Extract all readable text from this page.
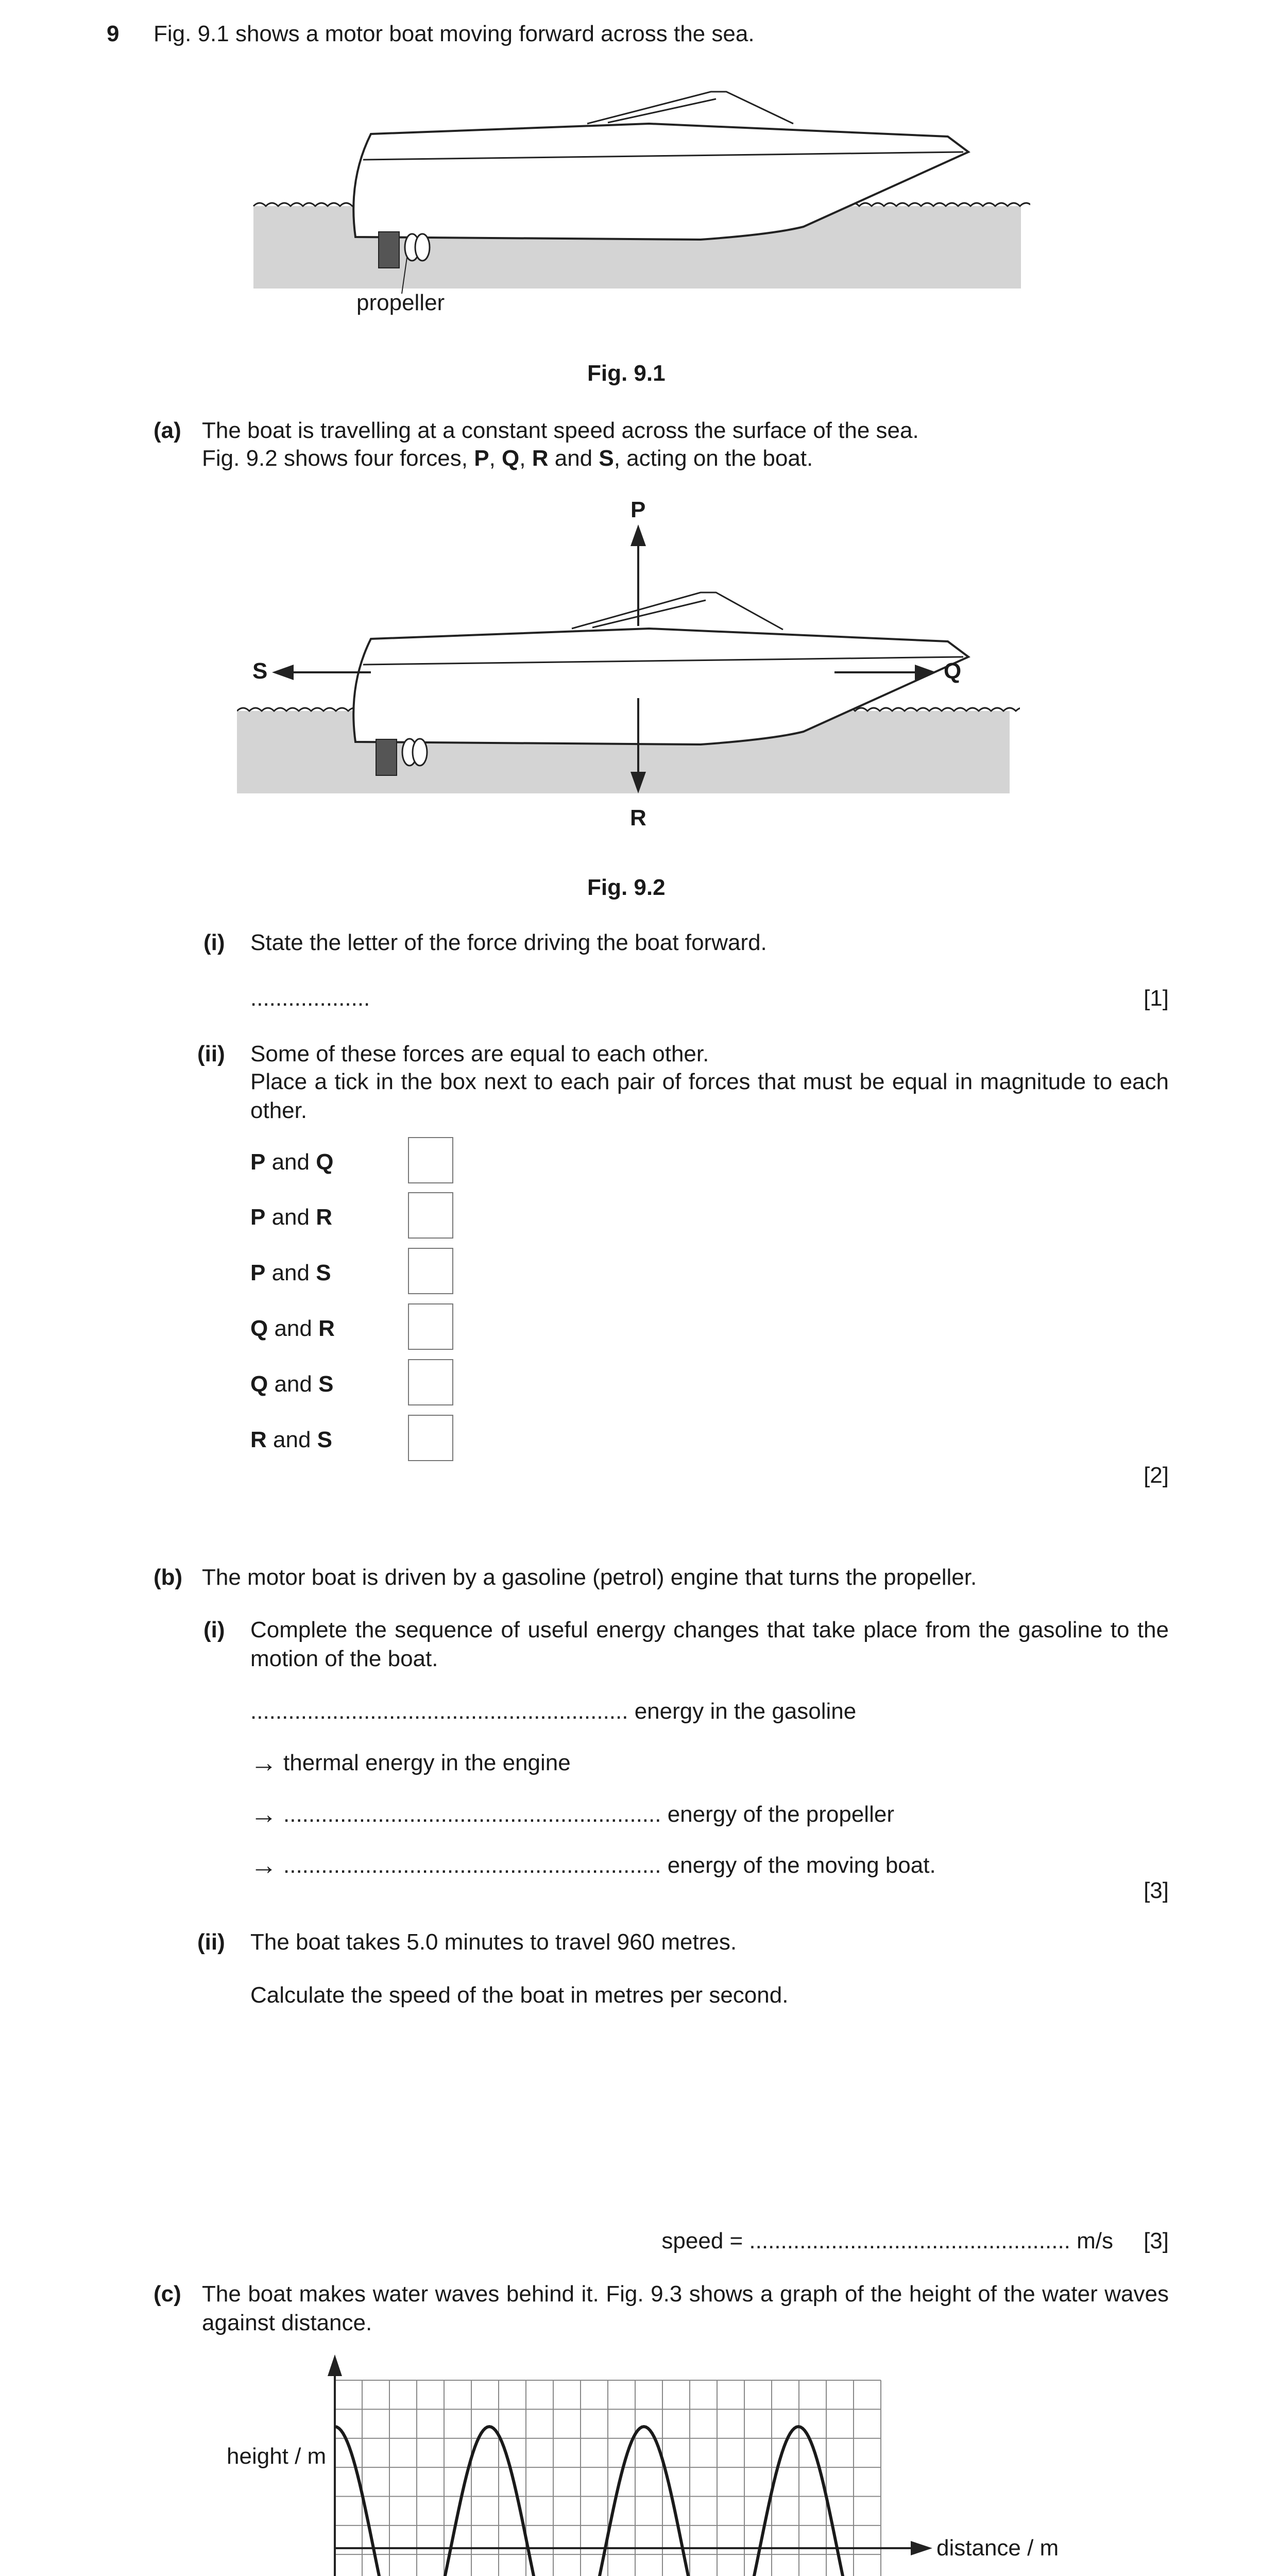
9 Fig. 9.1 shows a motor boat moving forward across the sea.
propeller
Fig. 9.1
(a) The boat is travelling at a constant speed across the surface of the sea.
Fig. 9.2 shows four forces, P, Q, R and S, acting on the boat.
P
S	Q
R
Fig. 9.2
(i) State the letter of the force driving the boat forward.
...................	[1]
(ii) Some of these forces are equal to each other.
Place a tick in the box next to each pair of forces that must be equal in magnitude to each other.
P and Q
P and R
P and S
Q and R
Q and S
R and S
[2]
(b) The motor boat is driven by a gasoline (petrol) engine that turns the propeller.
(i) Complete the sequence of useful energy changes that take place from the gasoline to the motion of the boat.
............................................................ energy in the gasoline
→ thermal energy in the engine
→ ............................................................ energy of the propeller
→ ............................................................ energy of the moving boat.
[3]
(ii) The boat takes 5.0 minutes to travel 960 metres.
Calculate the speed of the boat in metres per second.
speed = ................................................... m/s [3]
(c) The boat makes water waves behind it. Fig. 9.3 shows a graph of the height of the water waves against distance.
height / m
distance / m
